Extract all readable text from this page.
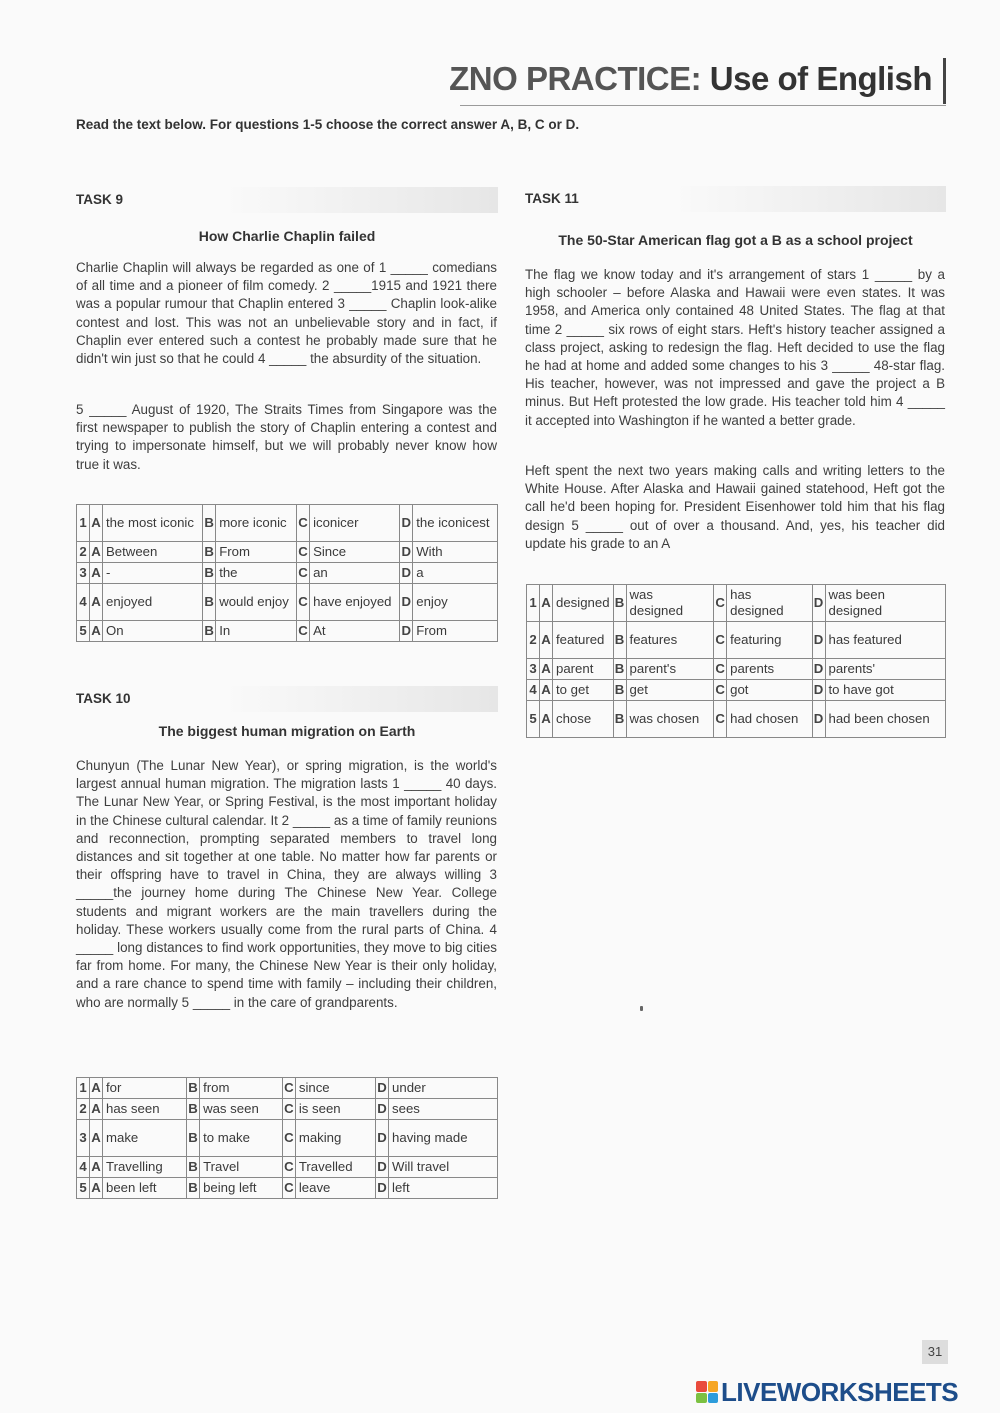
ZNO PRACTICE: Use of English
Read the text below. For questions 1-5 choose the correct answer A, B, C or D.
TASK 9
How Charlie Chaplin failed

Charlie Chaplin will always be regarded as one of 1 _____ comedians of all time and a pioneer of film comedy. 2 _____1915 and 1921 there was a popular rumour that Chaplin entered 3 _____ Chaplin look-alike contest and lost. This was not an unbelievable story and in fact, if Chaplin ever entered such a contest he probably made sure that he didn't win just so that he could 4 _____ the absurdity of the situation.

5 _____ August of 1920, The Straits Times from Singapore was the first newspaper to publish the story of Chaplin entering a contest and trying to impersonate himself, but we will probably never know how true it was.

1	A	the most iconic	B	more iconic	C	iconicer	D	the iconicest
2	A	Between	B	From	C	Since	D	With
3	A	-	B	the	C	an	D	a
4	A	enjoyed	B	would enjoy	C	have enjoyed	D	enjoy
5	A	On	B	In	C	At	D	From
TASK 10
The biggest human migration on Earth

Chunyun (The Lunar New Year), or spring migration, is the world's largest annual human migration. The migration lasts 1 _____ 40 days. The Lunar New Year, or Spring Festival, is the most important holiday in the Chinese cultural calendar. It 2 _____ as a time of family reunions and reconnection, prompting separated members to travel long distances and sit together at one table. No matter how far parents or their offspring have to travel in China, they are always willing 3 _____the journey home during The Chinese New Year. College students and migrant workers are the main travellers during the holiday. These workers usually come from the rural parts of China. 4 _____ long distances to find work opportunities, they move to big cities far from home. For many, the Chinese New Year is their only holiday, and a rare chance to spend time with family – including their children, who are normally 5 _____ in the care of grandparents.

1	A	for	B	from	C	since	D	under
2	A	has seen	B	was seen	C	is seen	D	sees
3	A	make	B	to make	C	making	D	having made
4	A	Travelling	B	Travel	C	Travelled	D	Will travel
5	A	been left	B	being left	C	leave	D	left
TASK 11
The 50-Star American flag got a B as a school project

The flag we know today and it's arrangement of stars 1 _____ by a high schooler – before Alaska and Hawaii were even states. It was 1958, and America only contained 48 United States. The flag at that time 2 _____ six rows of eight stars. Heft's history teacher assigned a class project, asking to redesign the flag. Heft decided to use the flag he had at home and added some changes to his 3 _____ 48-star flag. His teacher, however, was not impressed and gave the project a B minus. But Heft protested the low grade. His teacher told him 4 _____ it accepted into Washington if he wanted a better grade.

Heft spent the next two years making calls and writing letters to the White House. After Alaska and Hawaii gained statehood, Heft got the call he'd been hoping for. President Eisenhower told him that his flag design 5 _____ out of over a thousand. And, yes, his teacher did update his grade to an A

1	A	designed	B	was designed	C	has designed	D	was been designed
2	A	featured	B	features	C	featuring	D	has featured
3	A	parent	B	parent's	C	parents	D	parents'
4	A	to get	B	get	C	got	D	to have got
5	A	chose	B	was chosen	C	had chosen	D	had been chosen
31
LIVEWORKSHEETS
